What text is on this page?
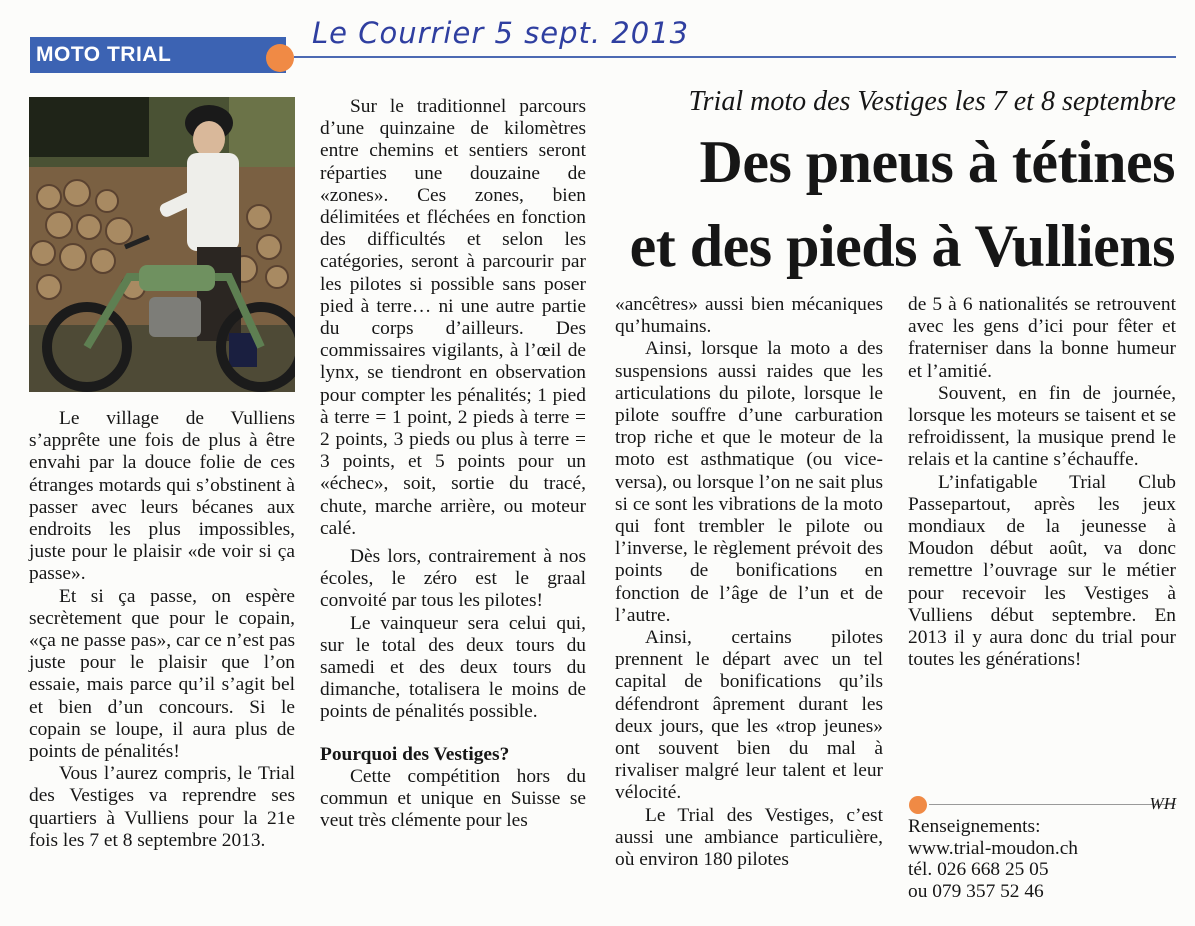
MOTO TRIAL
Le Courrier 5 sept. 2013
Trial moto des Vestiges les 7 et 8 septembre
Des pneus à tétines
et des pieds à Vulliens

Le village de Vulliens s’apprête une fois de plus à être envahi par la douce folie de ces étranges motards qui s’obstinent à passer avec leurs bécanes aux endroits les plus impossibles, juste pour le plaisir «de voir si ça passe».

Et si ça passe, on espère secrètement que pour le copain, «ça ne passe pas», car ce n’est pas juste pour le plaisir que l’on essaie, mais parce qu’il s’agit bel et bien d’un concours. Si le copain se loupe, il aura plus de points de pénalités!

Vous l’aurez compris, le Trial des Vestiges va reprendre ses quartiers à Vulliens pour la 21e fois les 7 et 8 septembre 2013.

Sur le traditionnel parcours d’une quinzaine de kilomètres entre chemins et sentiers seront réparties une douzaine de «zones». Ces zones, bien délimitées et fléchées en fonction des difficultés et selon les catégories, seront à parcourir par les pilotes si possible sans poser pied à terre… ni une autre partie du corps d’ailleurs. Des commissaires vigilants, à l’œil de lynx, se tiendront en observation pour compter les pénalités; 1 pied à terre = 1 point, 2 pieds à terre = 2 points, 3 pieds ou plus à terre = 3 points, et 5 points pour un «échec», soit, sortie du tracé, chute, marche arrière, ou moteur calé.

Dès lors, contrairement à nos écoles, le zéro est le graal convoité par tous les pilotes!

Le vainqueur sera celui qui, sur le total des deux tours du samedi et des deux tours du dimanche, totalisera le moins de points de pénalités possible.

Pourquoi des Vestiges?

Cette compétition hors du commun et unique en Suisse se veut très clémente pour les

«ancêtres» aussi bien mécaniques qu’humains.

Ainsi, lorsque la moto a des suspensions aussi raides que les articulations du pilote, lorsque le pilote souffre d’une carburation trop riche et que le moteur de la moto est asthmatique (ou vice-versa), ou lorsque l’on ne sait plus si ce sont les vibrations de la moto qui font trembler le pilote ou l’inverse, le règlement prévoit des points de bonifications en fonction de l’âge de l’un et de l’autre.

Ainsi, certains pilotes prennent le départ avec un tel capital de bonifications qu’ils défendront âprement durant les deux jours, que les «trop jeunes» ont souvent bien du mal à rivaliser malgré leur talent et leur vélocité.

Le Trial des Vestiges, c’est aussi une ambiance particulière, où environ 180 pilotes

de 5 à 6 nationalités se retrouvent avec les gens d’ici pour fêter et fraterniser dans la bonne humeur et l’amitié.

Souvent, en fin de journée, lorsque les moteurs se taisent et se refroidissent, la musique prend le relais et la cantine s’échauffe.

L’infatigable Trial Club Passepartout, après les jeux mondiaux de la jeunesse à Moudon début août, va donc remettre l’ouvrage sur le métier pour recevoir les Vestiges à Vulliens début septembre. En 2013 il y aura donc du trial pour toutes les générations!

WH
Renseignements:
www.trial-moudon.ch
tél. 026 668 25 05
ou 079 357 52 46
